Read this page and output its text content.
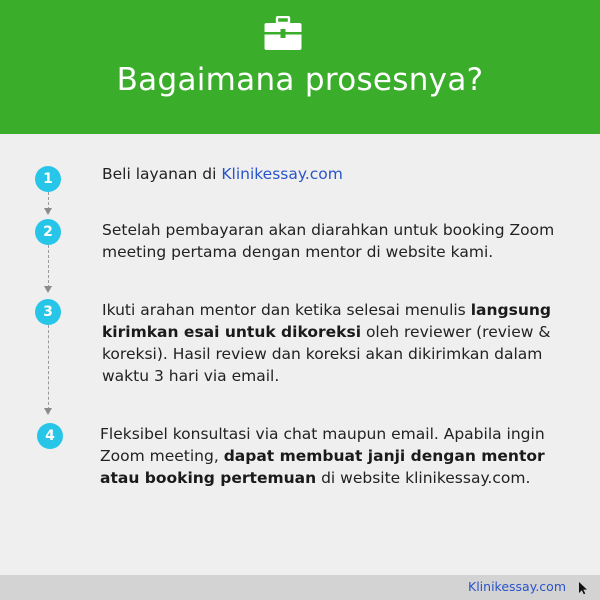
Bagaimana prosesnya?
1
2
3
4
Beli layanan di Klinikessay.com
Setelah pembayaran akan diarahkan untuk booking Zoom meeting pertama dengan mentor di website kami.
Ikuti arahan mentor dan ketika selesai menulis langsung kirimkan esai untuk dikoreksi oleh reviewer (review & koreksi). Hasil review dan koreksi akan dikirimkan dalam waktu 3 hari via email.
Fleksibel konsultasi via chat maupun email. Apabila ingin Zoom meeting, dapat membuat janji dengan mentor atau booking pertemuan di website klinikessay.com.
Klinikessay.com
